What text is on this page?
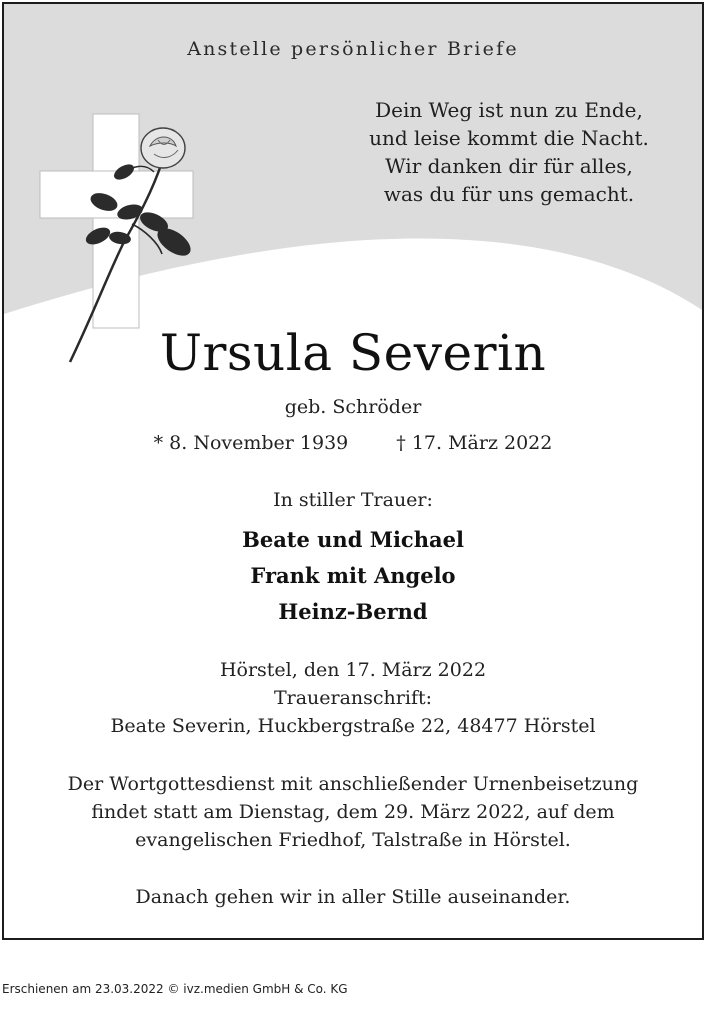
Anstelle persönlicher Briefe
Dein Weg ist nun zu Ende,
und leise kommt die Nacht.
Wir danken dir für alles,
was du für uns gemacht.
Ursula Severin
geb. Schröder
* 8. November 1939	† 17. März 2022
In stiller Trauer:
Beate und Michael
Frank mit Angelo
Heinz-Bernd
Hörstel, den 17. März 2022
Traueranschrift:
Beate Severin, Huckbergstraße 22, 48477 Hörstel
Der Wortgottesdienst mit anschließender Urnenbeisetzung
findet statt am Dienstag, dem 29. März 2022, auf dem
evangelischen Friedhof, Talstraße in Hörstel.
Danach gehen wir in aller Stille auseinander.
Erschienen am 23.03.2022 © ivz.medien GmbH & Co. KG
